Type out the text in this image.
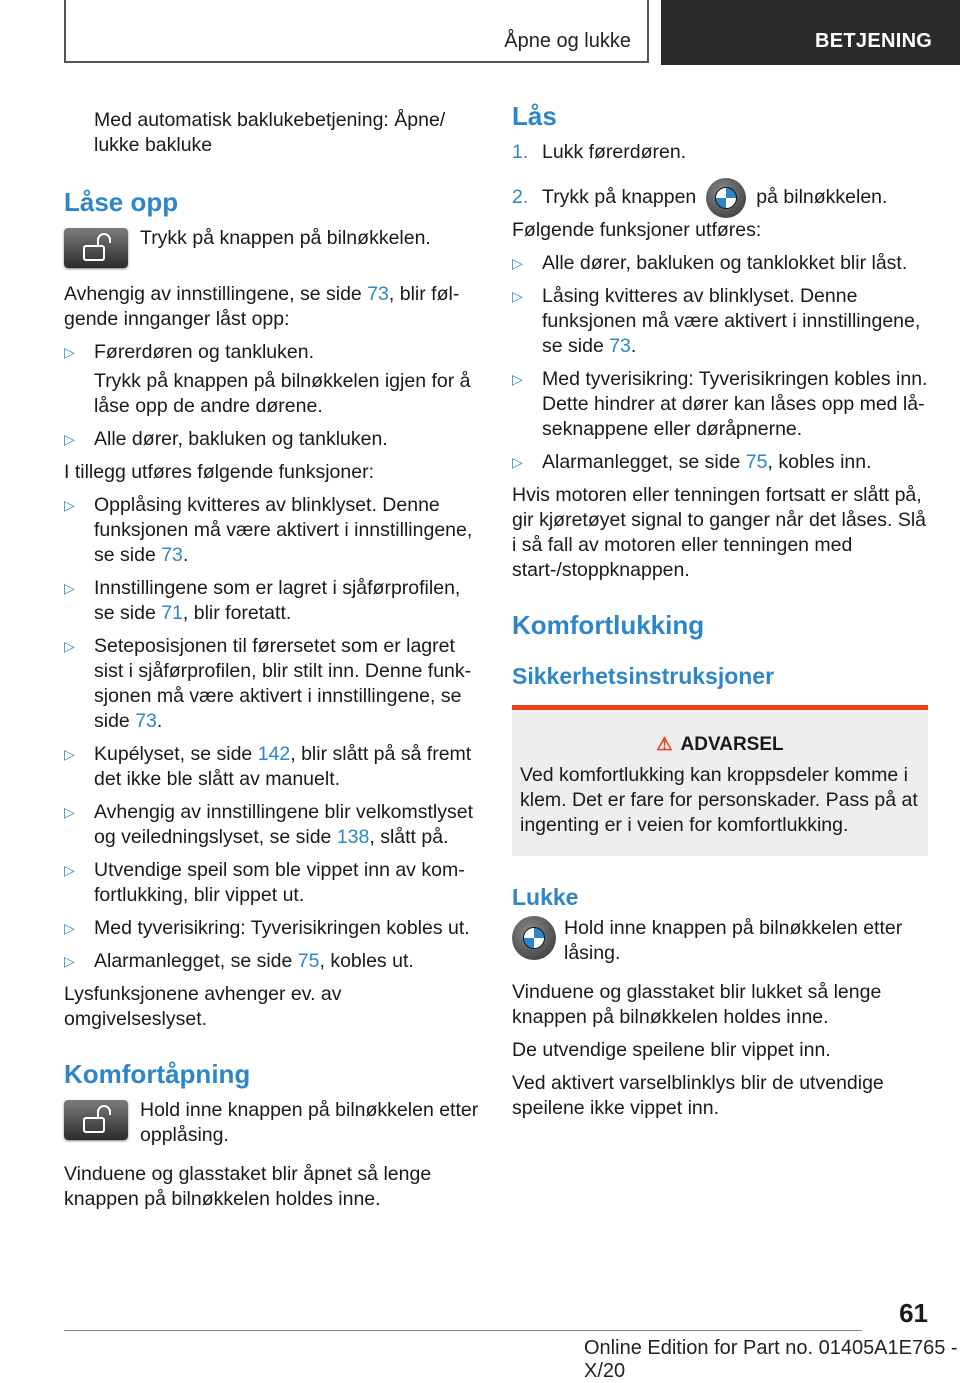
Åpne og lukke	BETJENING

Med automatisk baklukebetjening: Åpne/

lukke bakluke

Låse opp

Trykk på knappen på bilnøkkelen.

Avhengig av innstillingene, se side 73, blir følgende innganger låst opp:

▷ Førerdøren og tankluken.

Trykk på knappen på bilnøkkelen igjen for å låse opp de andre dørene.
▷ Alle dører, bakluken og tankluken.

I tillegg utføres følgende funksjoner:

▷ Opplåsing kvitteres av blinklyset. Denne funksjonen må være aktivert i innstillingene, se side 73.
▷ Innstillingene som er lagret i sjåførprofilen, se side 71, blir foretatt.
▷ Seteposisjonen til førersetet som er lagret sist i sjåførprofilen, blir stilt inn. Denne funksjonen må være aktivert i innstillingene, se side 73.
▷ Kupélyset, se side 142, blir slått på så fremt det ikke ble slått av manuelt.
▷ Avhengig av innstillingene blir velkomstlyset og veiledningslyset, se side 138, slått på.
▷ Utvendige speil som ble vippet inn av komfortlukking, blir vippet ut.
▷ Med tyverisikring: Tyverisikringen kobles ut.
▷ Alarmanlegget, se side 75, kobles ut.

Lysfunksjonene avhenger ev. av omgivelseslyset.

Komfortåpning

Hold inne knappen på bilnøkkelen etter opplåsing.

Vinduene og glasstaket blir åpnet så lenge knappen på bilnøkkelen holdes inne.

Lås

1. Lukk førerdøren.
2. Trykk på knappen	på bilnøkkelen.

Følgende funksjoner utføres:

▷ Alle dører, bakluken og tanklokket blir låst.
▷ Låsing kvitteres av blinklyset. Denne funksjonen må være aktivert i innstillingene, se side 73.
▷ Med tyverisikring: Tyverisikringen kobles inn. Dette hindrer at dører kan låses opp med låseknappene eller døråpnerne.
▷ Alarmanlegget, se side 75, kobles inn.

Hvis motoren eller tenningen fortsatt er slått på, gir kjøretøyet signal to ganger når det låses. Slå i så fall av motoren eller tenningen med start-/stoppknappen.

Komfortlukking

Sikkerhetsinstruksjoner

⚠ ADVARSEL

Ved komfortlukking kan kroppsdeler komme i klem. Det er fare for personskader. Pass på at ingenting er i veien for komfortlukking.

Lukke

Hold inne knappen på bilnøkkelen etter låsing.

Vinduene og glasstaket blir lukket så lenge knappen på bilnøkkelen holdes inne.

De utvendige speilene blir vippet inn.

Ved aktivert varselblinklys blir de utvendige speilene ikke vippet inn.

61
Online Edition for Part no. 01405A1E765 - X/20
